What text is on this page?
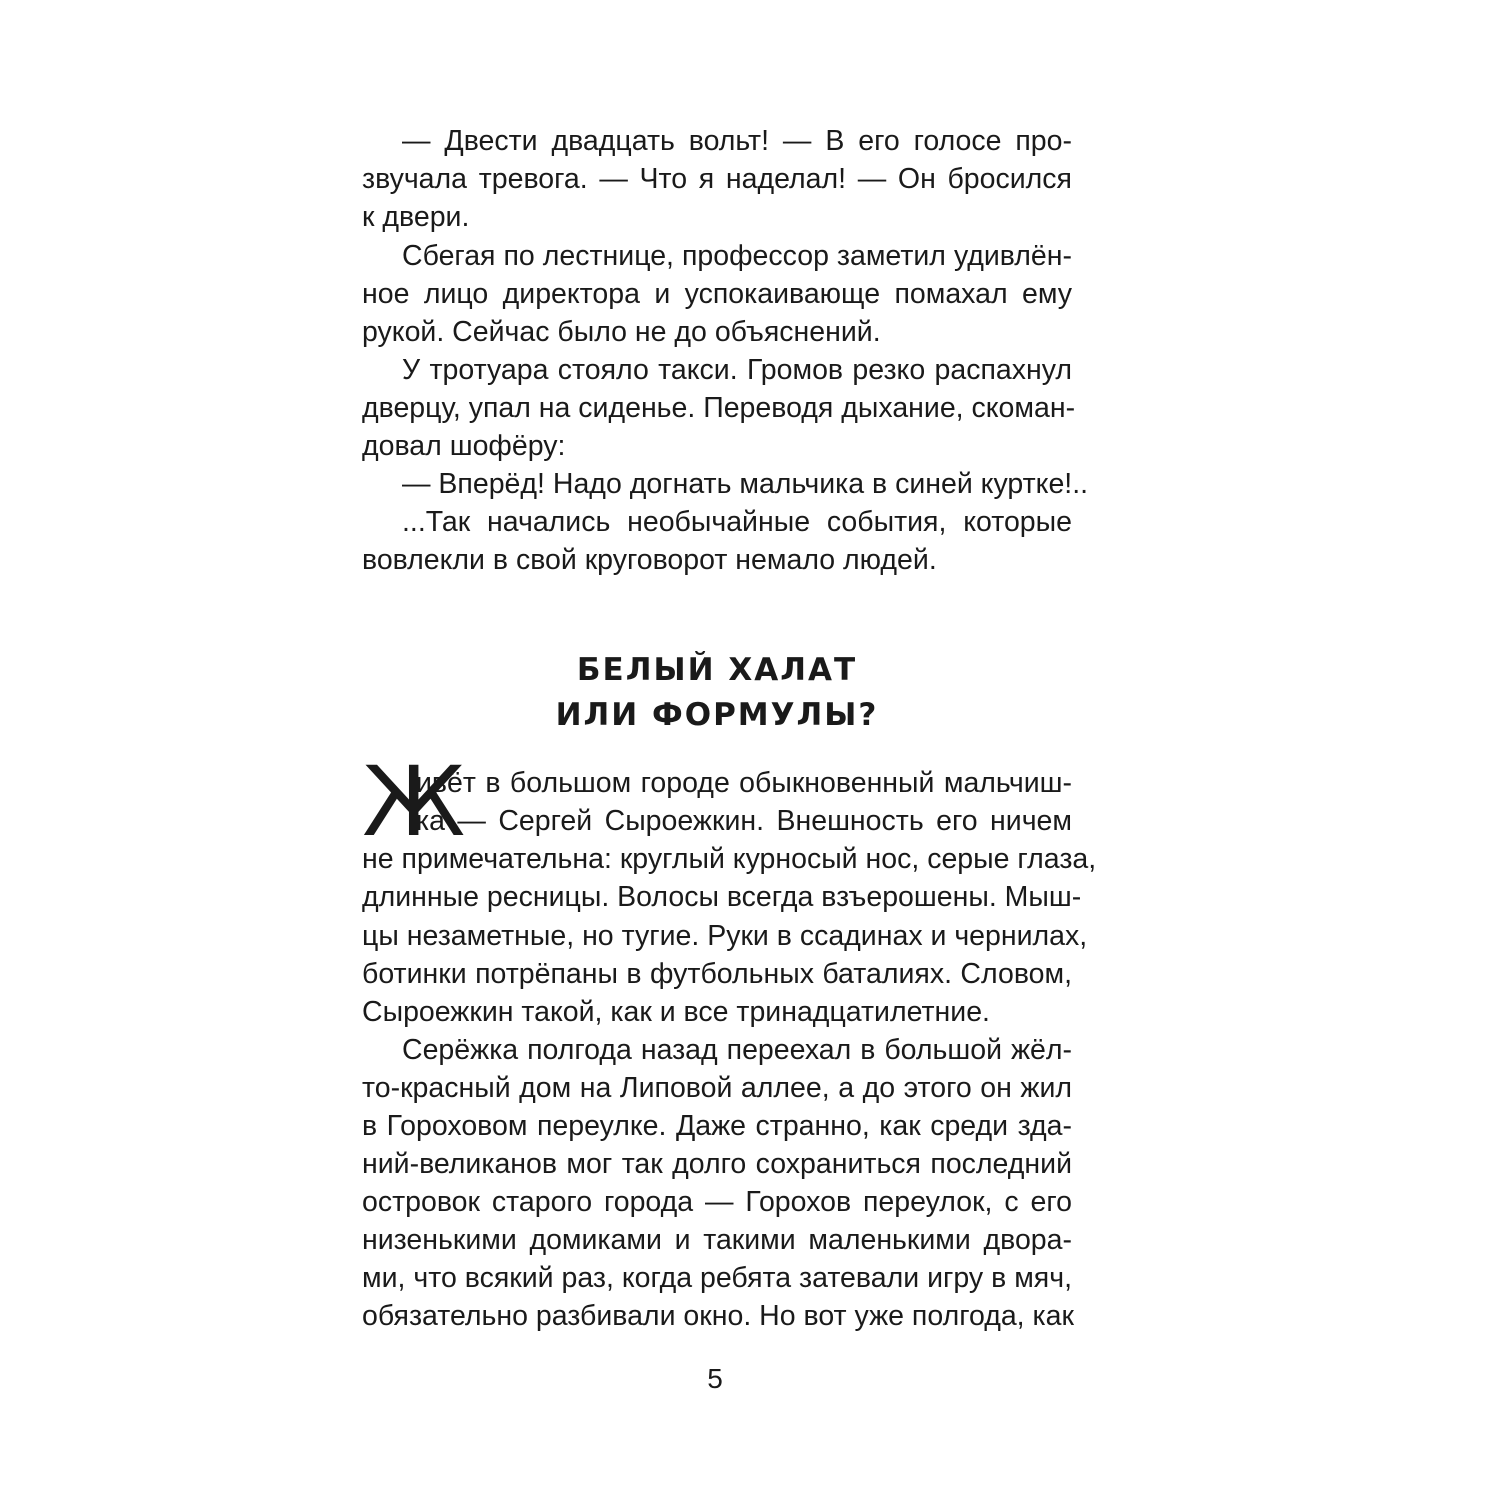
— Двести двадцать вольт! — В его голосе про-
звучала тревога. — Что я наделал! — Он бросился
к двери.
Сбегая по лестнице, профессор заметил удивлён-
ное лицо директора и успокаивающе помахал ему
рукой. Сейчас было не до объяснений.
У тротуара стояло такси. Громов резко распахнул
дверцу, упал на сиденье. Переводя дыхание, скоман-
довал шофёру:
— Вперёд! Надо догнать мальчика в синей куртке!..
...Так начались необычайные события, которые
вовлекли в свой круговорот немало людей.
БЕЛЫЙ ХАЛАТ
ИЛИ ФОРМУЛЫ?
Ж
ивёт в большом городе обыкновенный мальчиш-
ка — Сергей Сыроежкин. Внешность его ничем
не примечательна: круглый курносый нос, серые глаза,
длинные ресницы. Волосы всегда взъерошены. Мыш-
цы незаметные, но тугие. Руки в ссадинах и чернилах,
ботинки потрёпаны в футбольных баталиях. Словом,
Сыроежкин такой, как и все тринадцатилетние.
Серёжка полгода назад переехал в большой жёл-
то-красный дом на Липовой аллее, а до этого он жил
в Гороховом переулке. Даже странно, как среди зда-
ний-великанов мог так долго сохраниться последний
островок старого города — Горохов переулок, с его
низенькими домиками и такими маленькими двора-
ми, что всякий раз, когда ребята затевали игру в мяч,
обязательно разбивали окно. Но вот уже полгода, как
5
